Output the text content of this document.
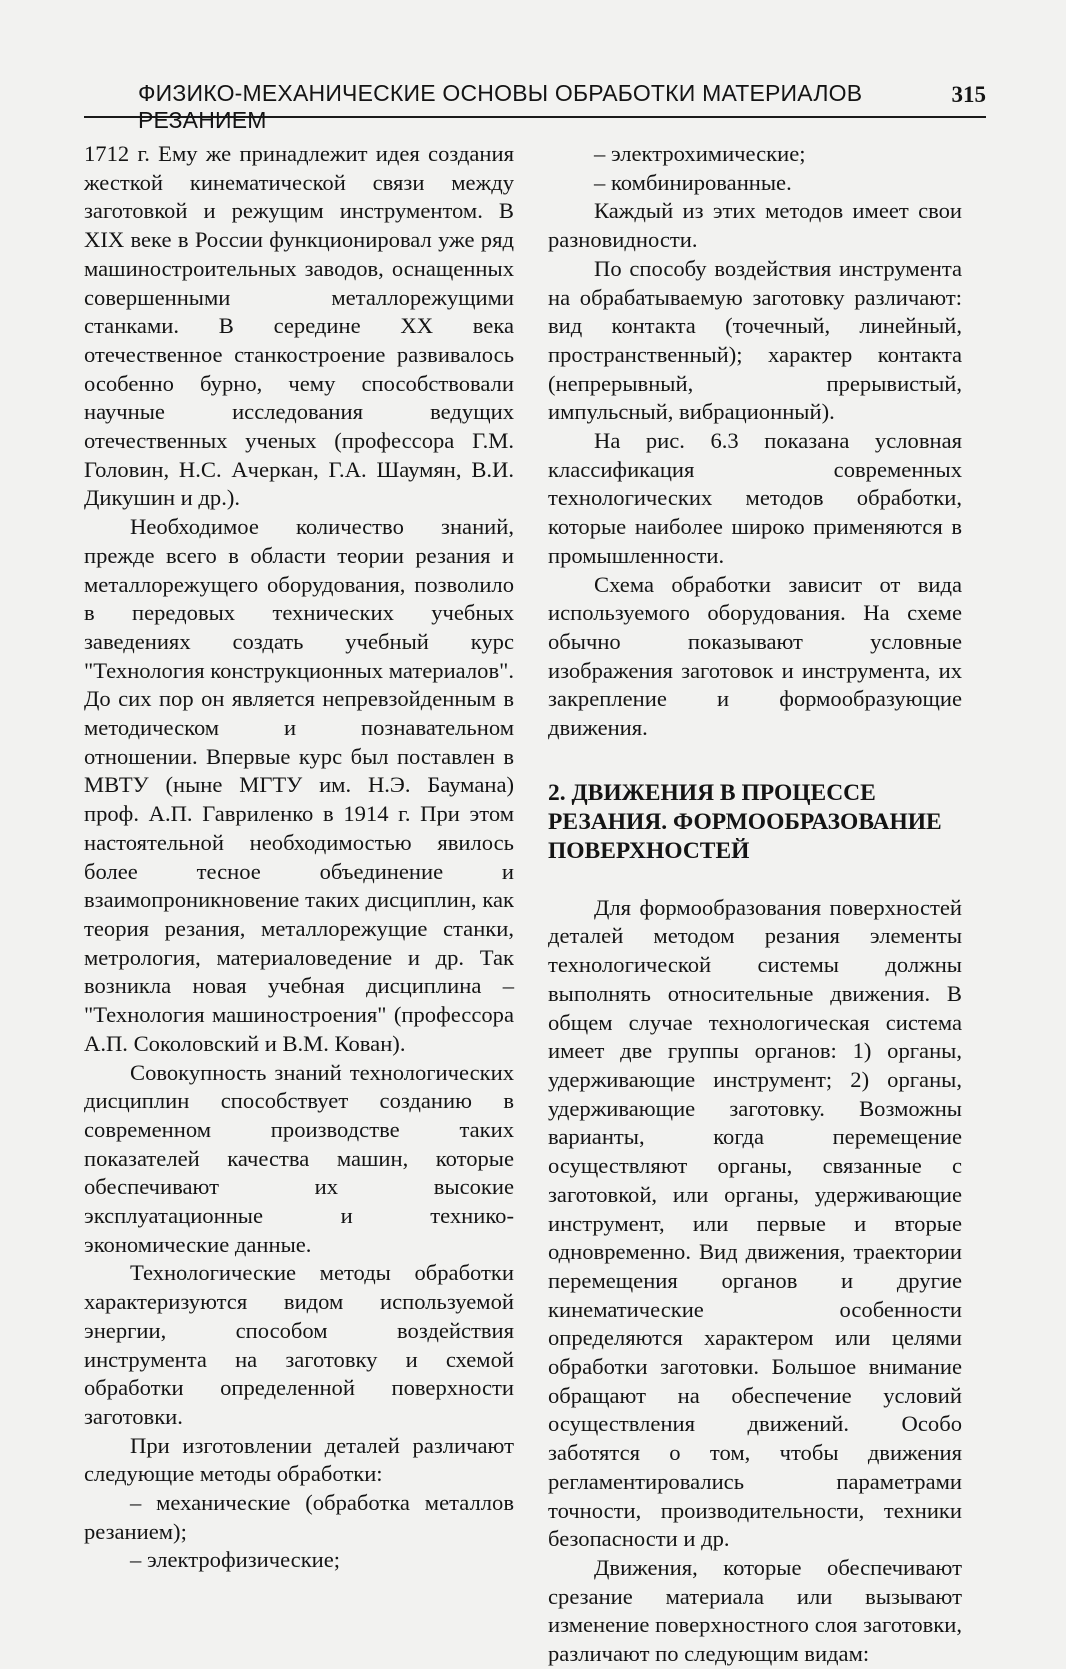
ФИЗИКО-МЕХАНИЧЕСКИЕ ОСНОВЫ ОБРАБОТКИ МАТЕРИАЛОВ РЕЗАНИЕМ
315

1712 г. Ему же принадлежит идея создания жесткой кинематической связи между заготовкой и режущим инструментом. В XIX веке в России функционировал уже ряд машиностроительных заводов, оснащенных совершенными металлорежущими станками. В середине XX века отечественное станкостроение развивалось особенно бурно, чему способствовали научные исследования ведущих отечественных ученых (профессора Г.М. Головин, Н.С. Ачеркан, Г.А. Шаумян, В.И. Дикушин и др.).

Необходимое количество знаний, прежде всего в области теории резания и металлорежущего оборудования, позволило в передовых технических учебных заведениях создать учебный курс "Технология конструкционных материалов". До сих пор он является непревзойденным в методическом и познавательном отношении. Впервые курс был поставлен в МВТУ (ныне МГТУ им. Н.Э. Баумана) проф. А.П. Гавриленко в 1914 г. При этом настоятельной необходимостью явилось более тесное объединение и взаимопроникновение таких дисциплин, как теория резания, металлорежущие станки, метрология, материаловедение и др. Так возникла новая учебная дисциплина – "Технология машиностроения" (профессора А.П. Соколовский и В.М. Кован).

Совокупность знаний технологических дисциплин способствует созданию в современном производстве таких показателей качества машин, которые обеспечивают их высокие эксплуатационные и технико-экономические данные.

Технологические методы обработки характеризуются видом используемой энергии, способом воздействия инструмента на заготовку и схемой обработки определенной поверхности заготовки.

При изготовлении деталей различают следующие методы обработки:

– механические (обработка металлов резанием);

– электрофизические;

– электрохимические;

– комбинированные.

Каждый из этих методов имеет свои разновидности.

По способу воздействия инструмента на обрабатываемую заготовку различают: вид контакта (точечный, линейный, пространственный); характер контакта (непрерывный, прерывистый, импульсный, вибрационный).

На рис. 6.3 показана условная классификация современных технологических методов обработки, которые наиболее широко применяются в промышленности.

Схема обработки зависит от вида используемого оборудования. На схеме обычно показывают условные изображения заготовок и инструмента, их закрепление и формообразующие движения.

2. ДВИЖЕНИЯ В ПРОЦЕССЕ РЕЗАНИЯ. ФОРМООБРАЗОВАНИЕ ПОВЕРХНОСТЕЙ

Для формообразования поверхностей деталей методом резания элементы технологической системы должны выполнять относительные движения. В общем случае технологическая система имеет две группы органов: 1) органы, удерживающие инструмент; 2) органы, удерживающие заготовку. Возможны варианты, когда перемещение осуществляют органы, связанные с заготовкой, или органы, удерживающие инструмент, или первые и вторые одновременно. Вид движения, траектории перемещения органов и другие кинематические особенности определяются характером или целями обработки заготовки. Большое внимание обращают на обеспечение условий осуществления движений. Особо заботятся о том, чтобы движения регламентировались параметрами точности, производительности, техники безопасности и др.

Движения, которые обеспечивают срезание материала или вызывают изменение поверхностного слоя заготовки, различают по следующим видам:
